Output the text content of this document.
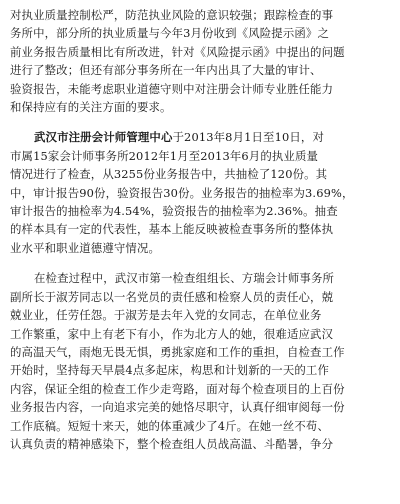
对执业质量控制松严，防范执业风险的意识较强；跟踪检查的事
务所中，部分所的执业质量与今年3月份收到《风险提示函》之
前业务报告质量相比有所改进，针对《风险提示函》中提出的问题
进行了整改；但还有部分事务所在一年内出具了大量的审计、
验资报告，未能考虑职业道德守则中对注册会计师专业胜任能力
和保持应有的关注方面的要求。
武汉市注册会计师管理中心于2013年8月1日至10日，对
市属15家会计师事务所2012年1月至2013年6月的执业质量
情况进行了检查，从3255份业务报告中，共抽检了120份。其
中，审计报告90份，验资报告30份。业务报告的抽检率为3.69%，
审计报告的抽检率为4.54%，验资报告的抽检率为2.36%。抽查
的样本具有一定的代表性，基本上能反映被检查事务所的整体执
业水平和职业道德遵守情况。
在检查过程中，武汉市第一检查组组长、方瑞会计师事务所
副所长于淑芳同志以一名党员的责任感和检察人员的责任心，兢
兢业业，任劳任怨。于淑芳是去年入党的女同志，在单位业务
工作繁重，家中上有老下有小，作为北方人的她，很难适应武汉
的高温天气，雨炮无畏无惧，勇挑家庭和工作的重担，自检查工作
开始时，坚持每天早晨4点多起床，构思和计划新的一天的工作
内容，保证全组的检查工作少走弯路，面对每个检查项目的上百份
业务报告内容，一向追求完美的她恪尽职守，认真仔细审阅每一份
工作底稿。短短十来天，她的体重减少了4斤。在她一丝不苟、
认真负责的精神感染下，整个检查组人员战高温、斗酷暑，争分
